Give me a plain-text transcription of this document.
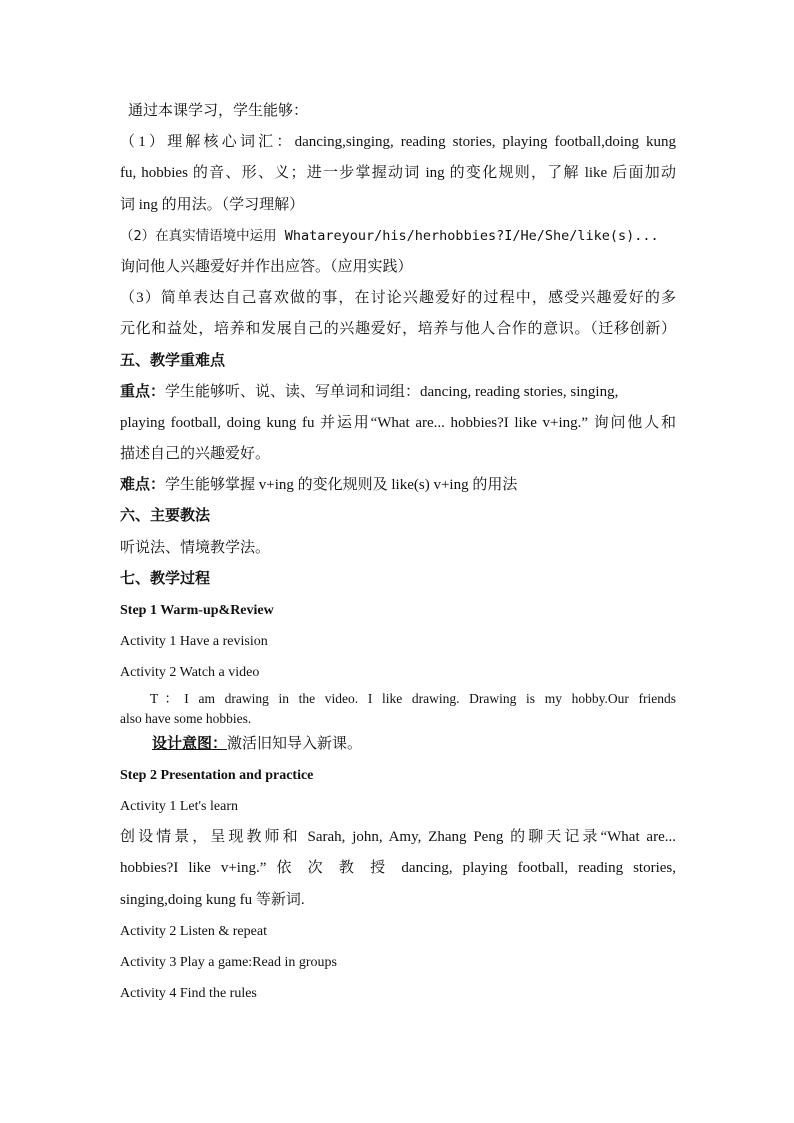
通过本课学习，学生能够：
（1）理解核心词汇：dancing,singing, reading stories, playing football,doing kung
fu, hobbies 的音、形、义；进一步掌握动词 ing 的变化规则，了解 like 后面加动
词 ing 的用法。（学习理解）
（2）在真实情语境中运用 Whatareyour/his/herhobbies?I/He/She/like(s)...
询问他人兴趣爱好并作出应答。（应用实践）
（3）简单表达自己喜欢做的事，在讨论兴趣爱好的过程中，感受兴趣爱好的多
元化和益处，培养和发展自己的兴趣爱好，培养与他人合作的意识。（迁移创新）
五、教学重难点
重点：学生能够听、说、读、写单词和词组：dancing, reading stories, singing,
playing football, doing kung fu 并运用“What are... hobbies?I like v+ing.” 询问他人和
描述自己的兴趣爱好。
难点：学生能够掌握 v+ing 的变化规则及 like(s) v+ing 的用法
六、主要教法
听说法、情境教学法。
七、教学过程
Step 1 Warm-up&Review
Activity 1 Have a revision
Activity 2 Watch a video
T：I am drawing in the video. I like drawing. Drawing is my hobby.Our friends
also have some hobbies.
设计意图：激活旧知导入新课。
Step 2 Presentation and practice
Activity 1 Let's learn
创设情景，呈现教师和 Sarah, john, Amy, Zhang Peng 的聊天记录“What are...
hobbies?I like v+ing.” 依 次 教 授 dancing, playing football, reading stories,
singing,doing kung fu 等新词.
Activity 2 Listen & repeat
Activity 3 Play a game:Read in groups
Activity 4 Find the rules
